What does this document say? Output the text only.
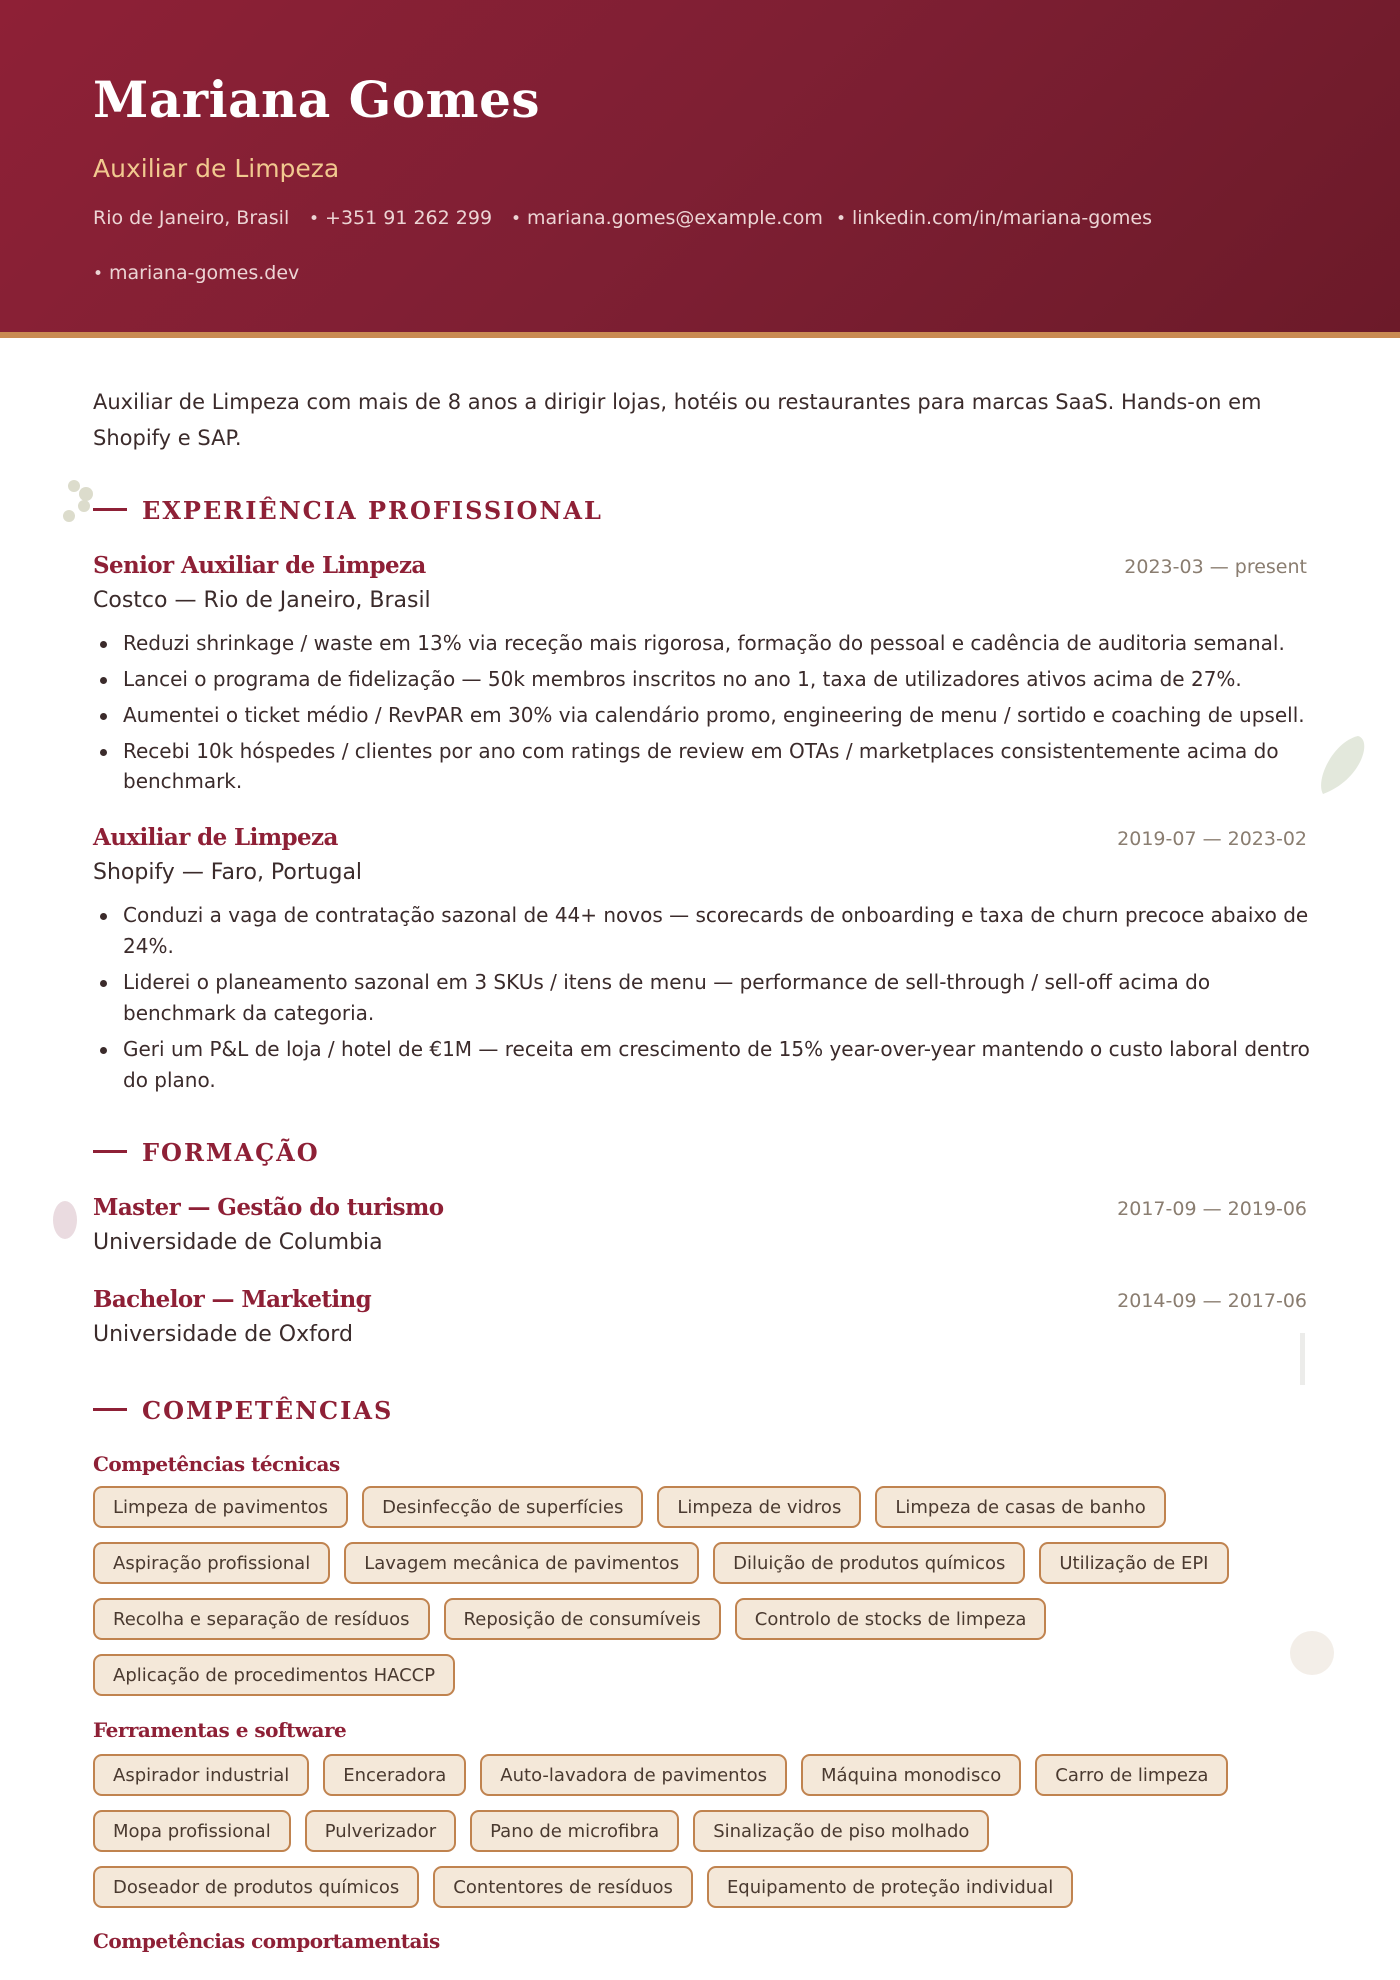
Mariana Gomes
Auxiliar de Limpeza
Rio de Janeiro, Brasil • +351 91 262 299 • mariana.gomes@example.com • linkedin.com/in/mariana-gomes
• mariana-gomes.dev
Auxiliar de Limpeza com mais de 8 anos a dirigir lojas, hotéis ou restaurantes para marcas SaaS. Hands-on em Shopify e SAP.
EXPERIÊNCIA PROFISSIONAL
Senior Auxiliar de Limpeza	2023-03 — present
Costco — Rio de Janeiro, Brasil
Reduzi shrinkage / waste em 13% via receção mais rigorosa, formação do pessoal e cadência de auditoria semanal.
Lancei o programa de fidelização — 50k membros inscritos no ano 1, taxa de utilizadores ativos acima de 27%.
Aumentei o ticket médio / RevPAR em 30% via calendário promo, engineering de menu / sortido e coaching de upsell.
Recebi 10k hóspedes / clientes por ano com ratings de review em OTAs / marketplaces consistentemente acima do benchmark.
Auxiliar de Limpeza	2019-07 — 2023-02
Shopify — Faro, Portugal
Conduzi a vaga de contratação sazonal de 44+ novos — scorecards de onboarding e taxa de churn precoce abaixo de 24%.
Liderei o planeamento sazonal em 3 SKUs / itens de menu — performance de sell-through / sell-off acima do benchmark da categoria.
Geri um P&L de loja / hotel de €1M — receita em crescimento de 15% year-over-year mantendo o custo laboral dentro do plano.
FORMAÇÃO
Master — Gestão do turismo	2017-09 — 2019-06
Universidade de Columbia
Bachelor — Marketing	2014-09 — 2017-06
Universidade de Oxford
COMPETÊNCIAS
Competências técnicas
Limpeza de pavimentos	Desinfecção de superfícies	Limpeza de vidros	Limpeza de casas de banho
Aspiração profissional	Lavagem mecânica de pavimentos	Diluição de produtos químicos	Utilização de EPI
Recolha e separação de resíduos	Reposição de consumíveis	Controlo de stocks de limpeza
Aplicação de procedimentos HACCP
Ferramentas e software
Aspirador industrial	Enceradora	Auto-lavadora de pavimentos	Máquina monodisco	Carro de limpeza
Mopa profissional	Pulverizador	Pano de microfibra	Sinalização de piso molhado
Doseador de produtos químicos	Contentores de resíduos	Equipamento de proteção individual
Competências comportamentais
